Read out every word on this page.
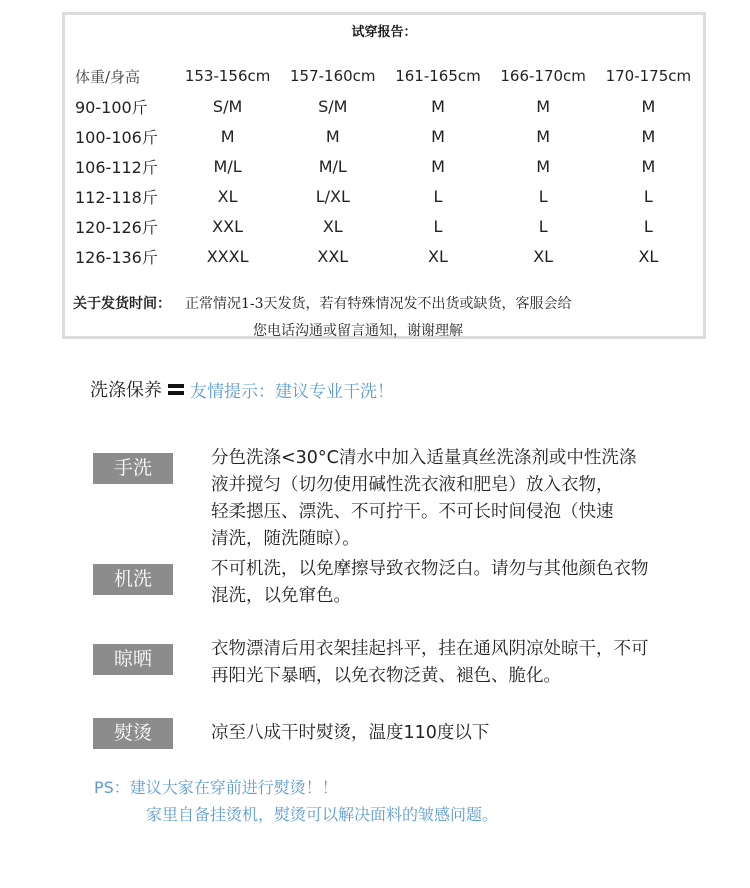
试穿报告：
体重/身高	153-156cm	157-160cm	161-165cm	166-170cm	170-175cm
90-100斤	S/M	S/M	M	M	M
100-106斤	M	M	M	M	M
106-112斤	M/L	M/L	M	M	M
112-118斤	XL	L/XL	L	L	L
120-126斤	XXL	XL	L	L	L
126-136斤	XXXL	XXL	XL	XL	XL
关于发货时间： 正常情况1-3天发货，若有特殊情况发不出货或缺货，客服会给
您电话沟通或留言通知，谢谢理解
洗涤保养 友情提示：建议专业干洗！
手洗	分色洗涤<30°C清水中加入适量真丝洗涤剂或中性洗涤
液并搅匀（切勿使用碱性洗衣液和肥皂）放入衣物，
轻柔摁压、漂洗、不可拧干。不可长时间侵泡（快速
清洗，随洗随晾）。
机洗	不可机洗，以免摩擦导致衣物泛白。请勿与其他颜色衣物
混洗，以免窜色。
晾晒	衣物漂清后用衣架挂起抖平，挂在通风阴凉处晾干，不可
再阳光下暴晒，以免衣物泛黄、褪色、脆化。
熨烫	凉至八成干时熨烫，温度110度以下
PS：建议大家在穿前进行熨烫！！
家里自备挂烫机，熨烫可以解决面料的皱感问题。
